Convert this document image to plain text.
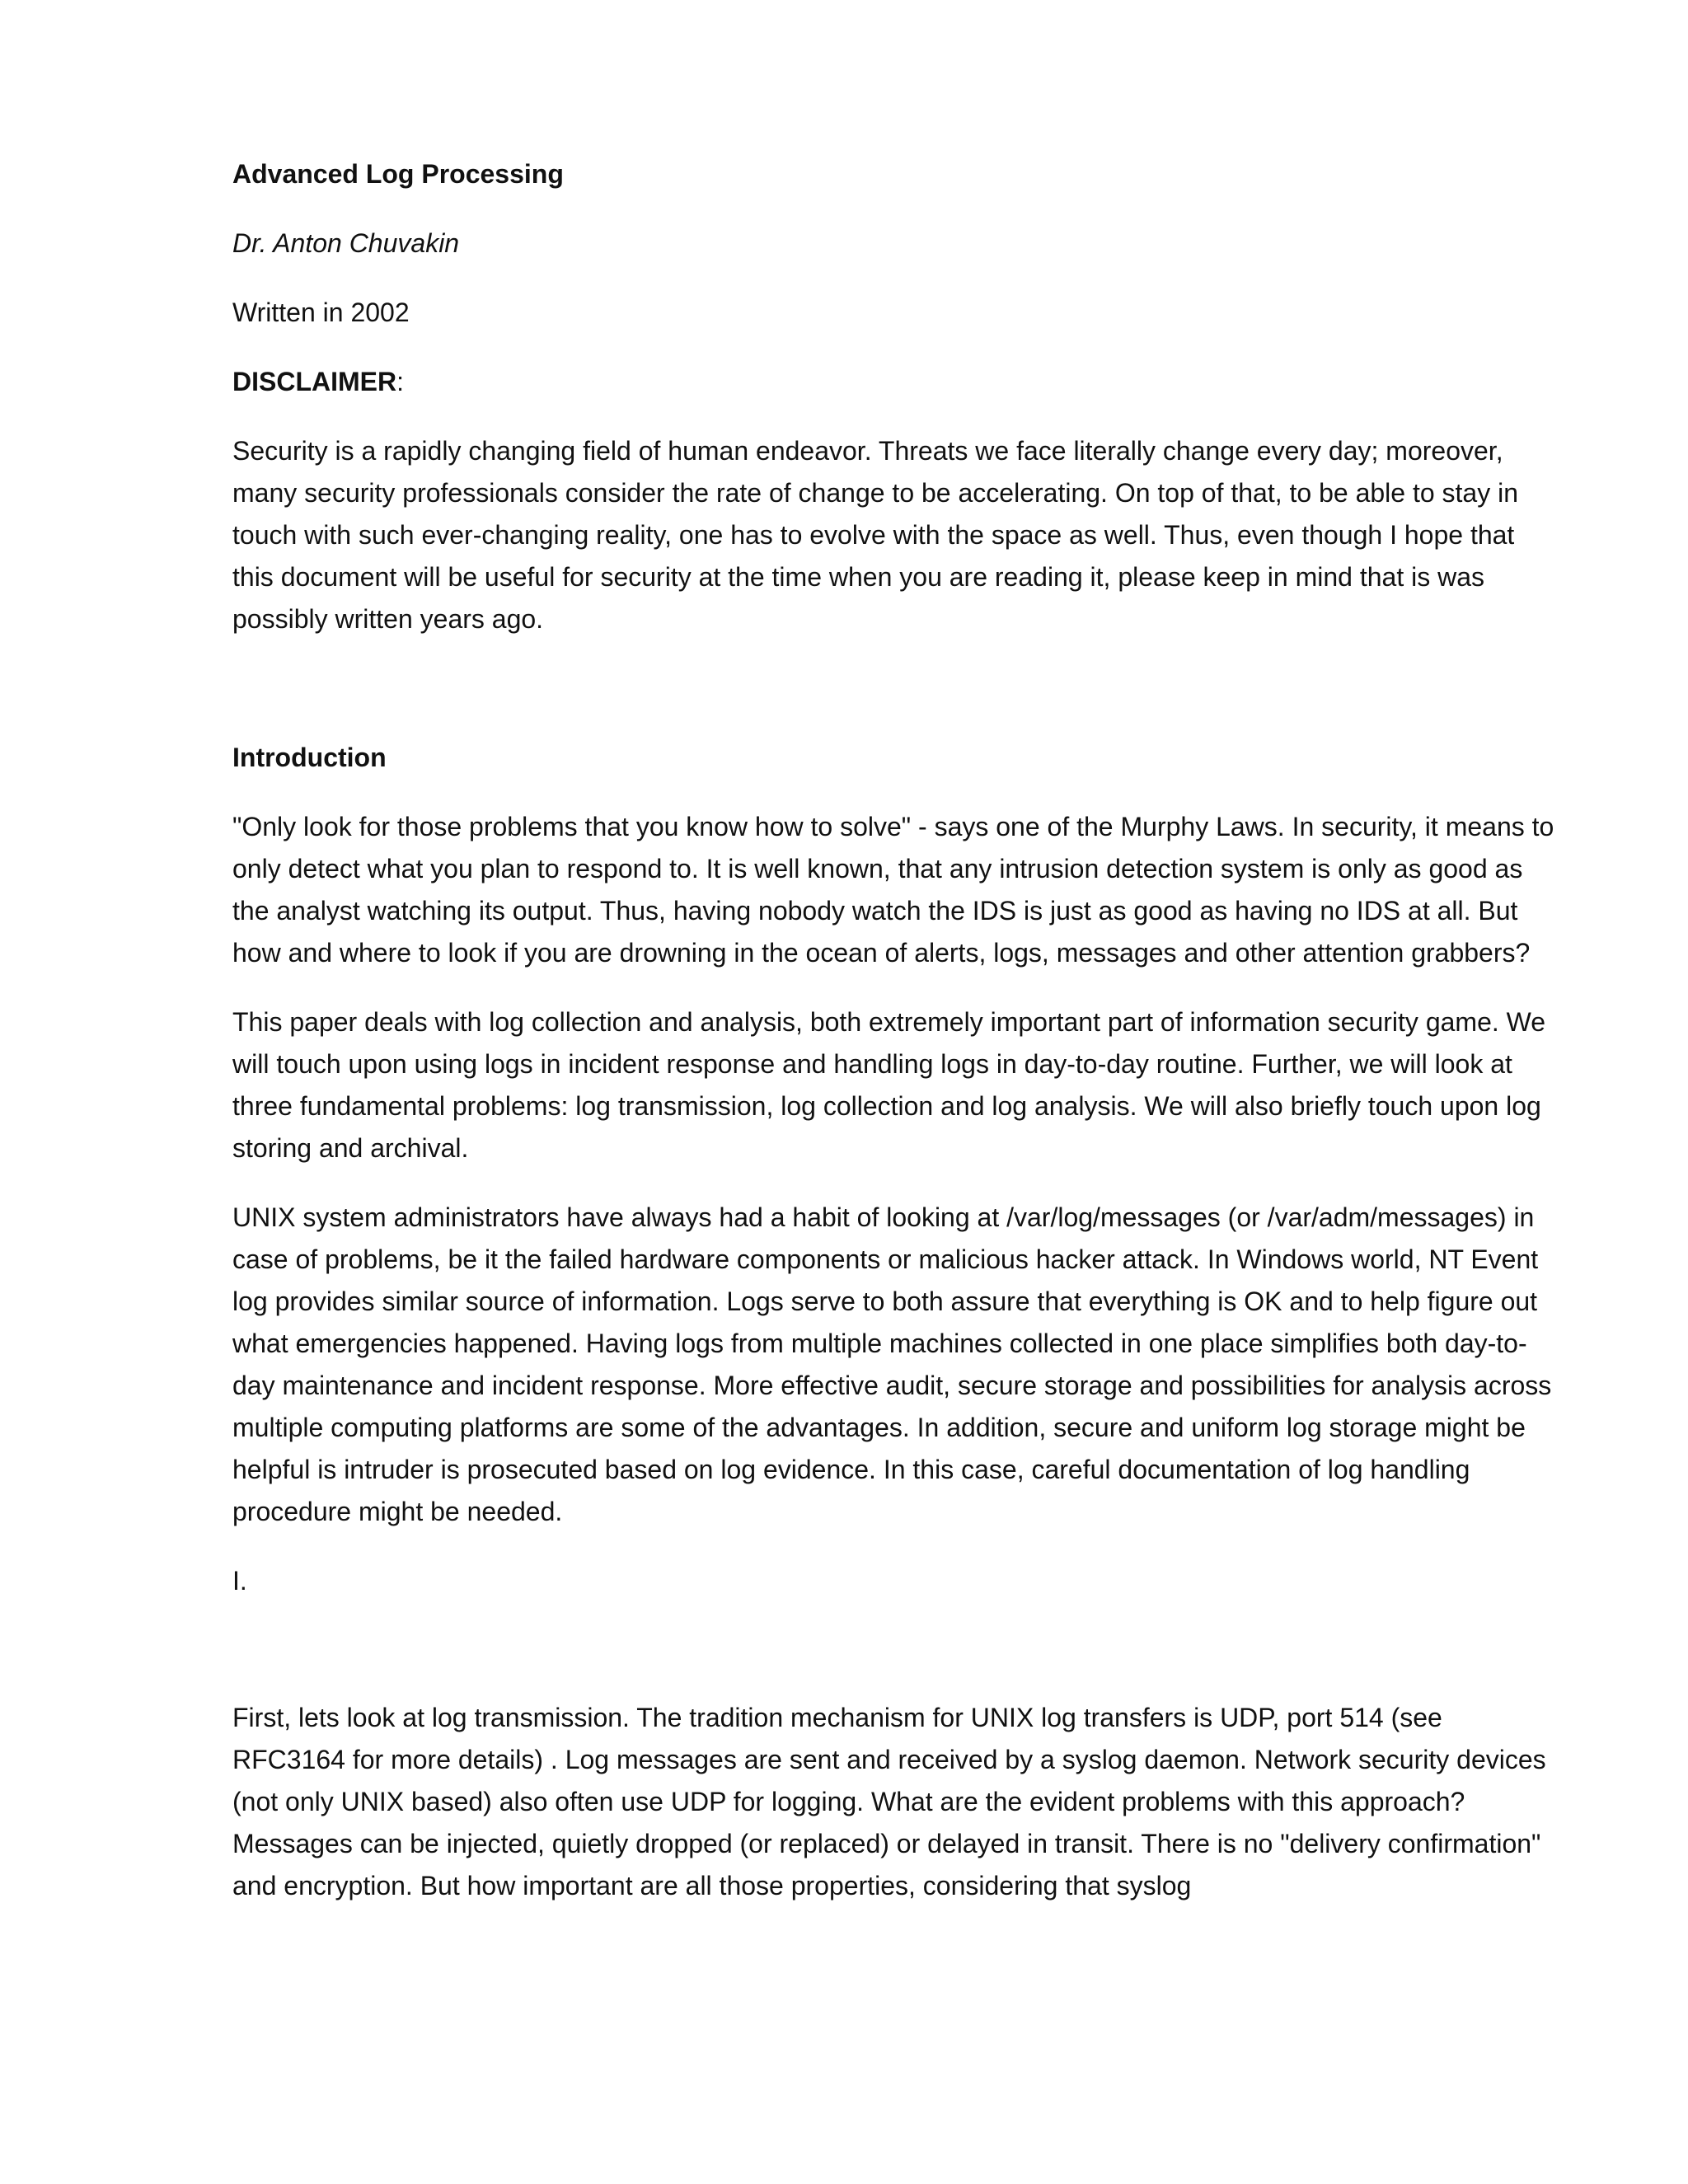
Advanced Log Processing

Dr. Anton Chuvakin

Written in 2002

DISCLAIMER:

Security is a rapidly changing field of human endeavor. Threats we face literally change every day; moreover, many security professionals consider the rate of change to be accelerating. On top of that, to be able to stay in touch with such ever-changing reality, one has to evolve with the space as well. Thus, even though I hope that this document will be useful for security at the time when you are reading it, please keep in mind that is was possibly written years ago.

Introduction

"Only look for those problems that you know how to solve" - says one of the Murphy Laws. In security, it means to only detect what you plan to respond to. It is well known, that any intrusion detection system is only as good as the analyst watching its output. Thus, having nobody watch the IDS is just as good as having no IDS at all. But how and where to look if you are drowning in the ocean of alerts, logs, messages and other attention grabbers?

This paper deals with log collection and analysis, both extremely important part of information security game. We will touch upon using logs in incident response and handling logs in day-to-day routine. Further, we will look at three fundamental problems: log transmission, log collection and log analysis. We will also briefly touch upon log storing and archival.

UNIX system administrators have always had a habit of looking at /var/log/messages (or /var/adm/messages) in case of problems, be it the failed hardware components or malicious hacker attack. In Windows world, NT Event log provides similar source of information. Logs serve to both assure that everything is OK and to help figure out what emergencies happened. Having logs from multiple machines collected in one place simplifies both day-to-day maintenance and incident response. More effective audit, secure storage and possibilities for analysis across multiple computing platforms are some of the advantages. In addition, secure and uniform log storage might be helpful is intruder is prosecuted based on log evidence. In this case, careful documentation of log handling procedure might be needed.

I.

First, lets look at log transmission. The tradition mechanism for UNIX log transfers is UDP, port 514 (see RFC3164 for more details) . Log messages are sent and received by a syslog daemon. Network security devices (not only UNIX based) also often use UDP for logging. What are the evident problems with this approach? Messages can be injected, quietly dropped (or replaced) or delayed in transit. There is no "delivery confirmation" and encryption. But how important are all those properties, considering that syslog
